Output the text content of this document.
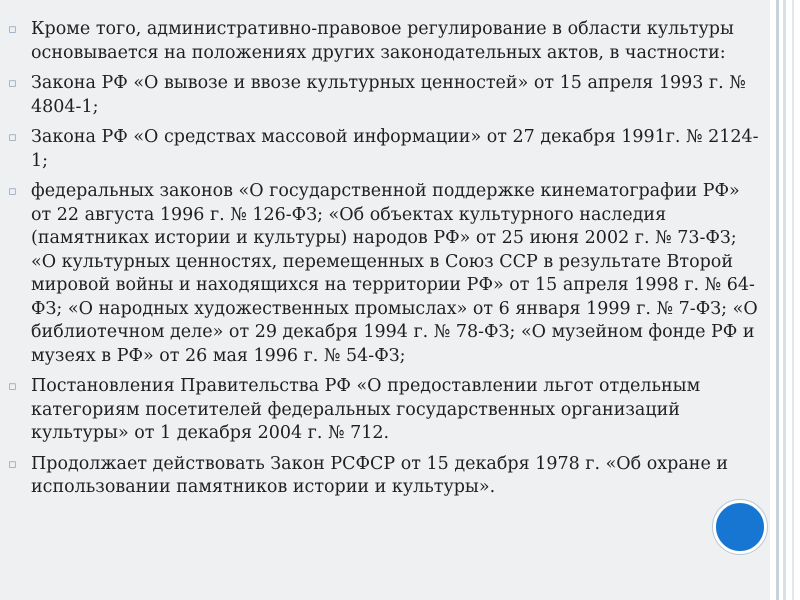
▫ Кроме того, административно-правовое регулирование в области культуры основывается на положениях других законодательных актов, в частности:
▫ Закона РФ «О вывозе и ввозе культурных ценностей» от 15 апреля 1993 г. № 4804-1;
▫ Закона РФ «О средствах массовой информации» от 27 декабря 1991г. № 2124-1;
▫ федеральных законов «О государственной поддержке кинематографии РФ» от 22 августа 1996 г. № 126-ФЗ; «Об объектах культурного наследия (памятниках истории и культуры) народов РФ» от 25 июня 2002 г. № 73-ФЗ; «О культурных ценностях, перемещенных в Союз ССР в результате Второй мировой войны и находящихся на территории РФ» от 15 апреля 1998 г. № 64-ФЗ; «О народных художественных промыслах» от 6 января 1999 г. № 7-ФЗ; «О библиотечном деле» от 29 декабря 1994 г. № 78-ФЗ; «О музейном фонде РФ и музеях в РФ» от 26 мая 1996 г. № 54-ФЗ;
▫ Постановления Правительства РФ «О предоставлении льгот отдельным категориям посетителей федеральных государственных организаций культуры» от 1 декабря 2004 г. № 712.
▫ Продолжает действовать Закон РСФСР от 15 декабря 1978 г. «Об охране и использовании памятников истории и культуры».
